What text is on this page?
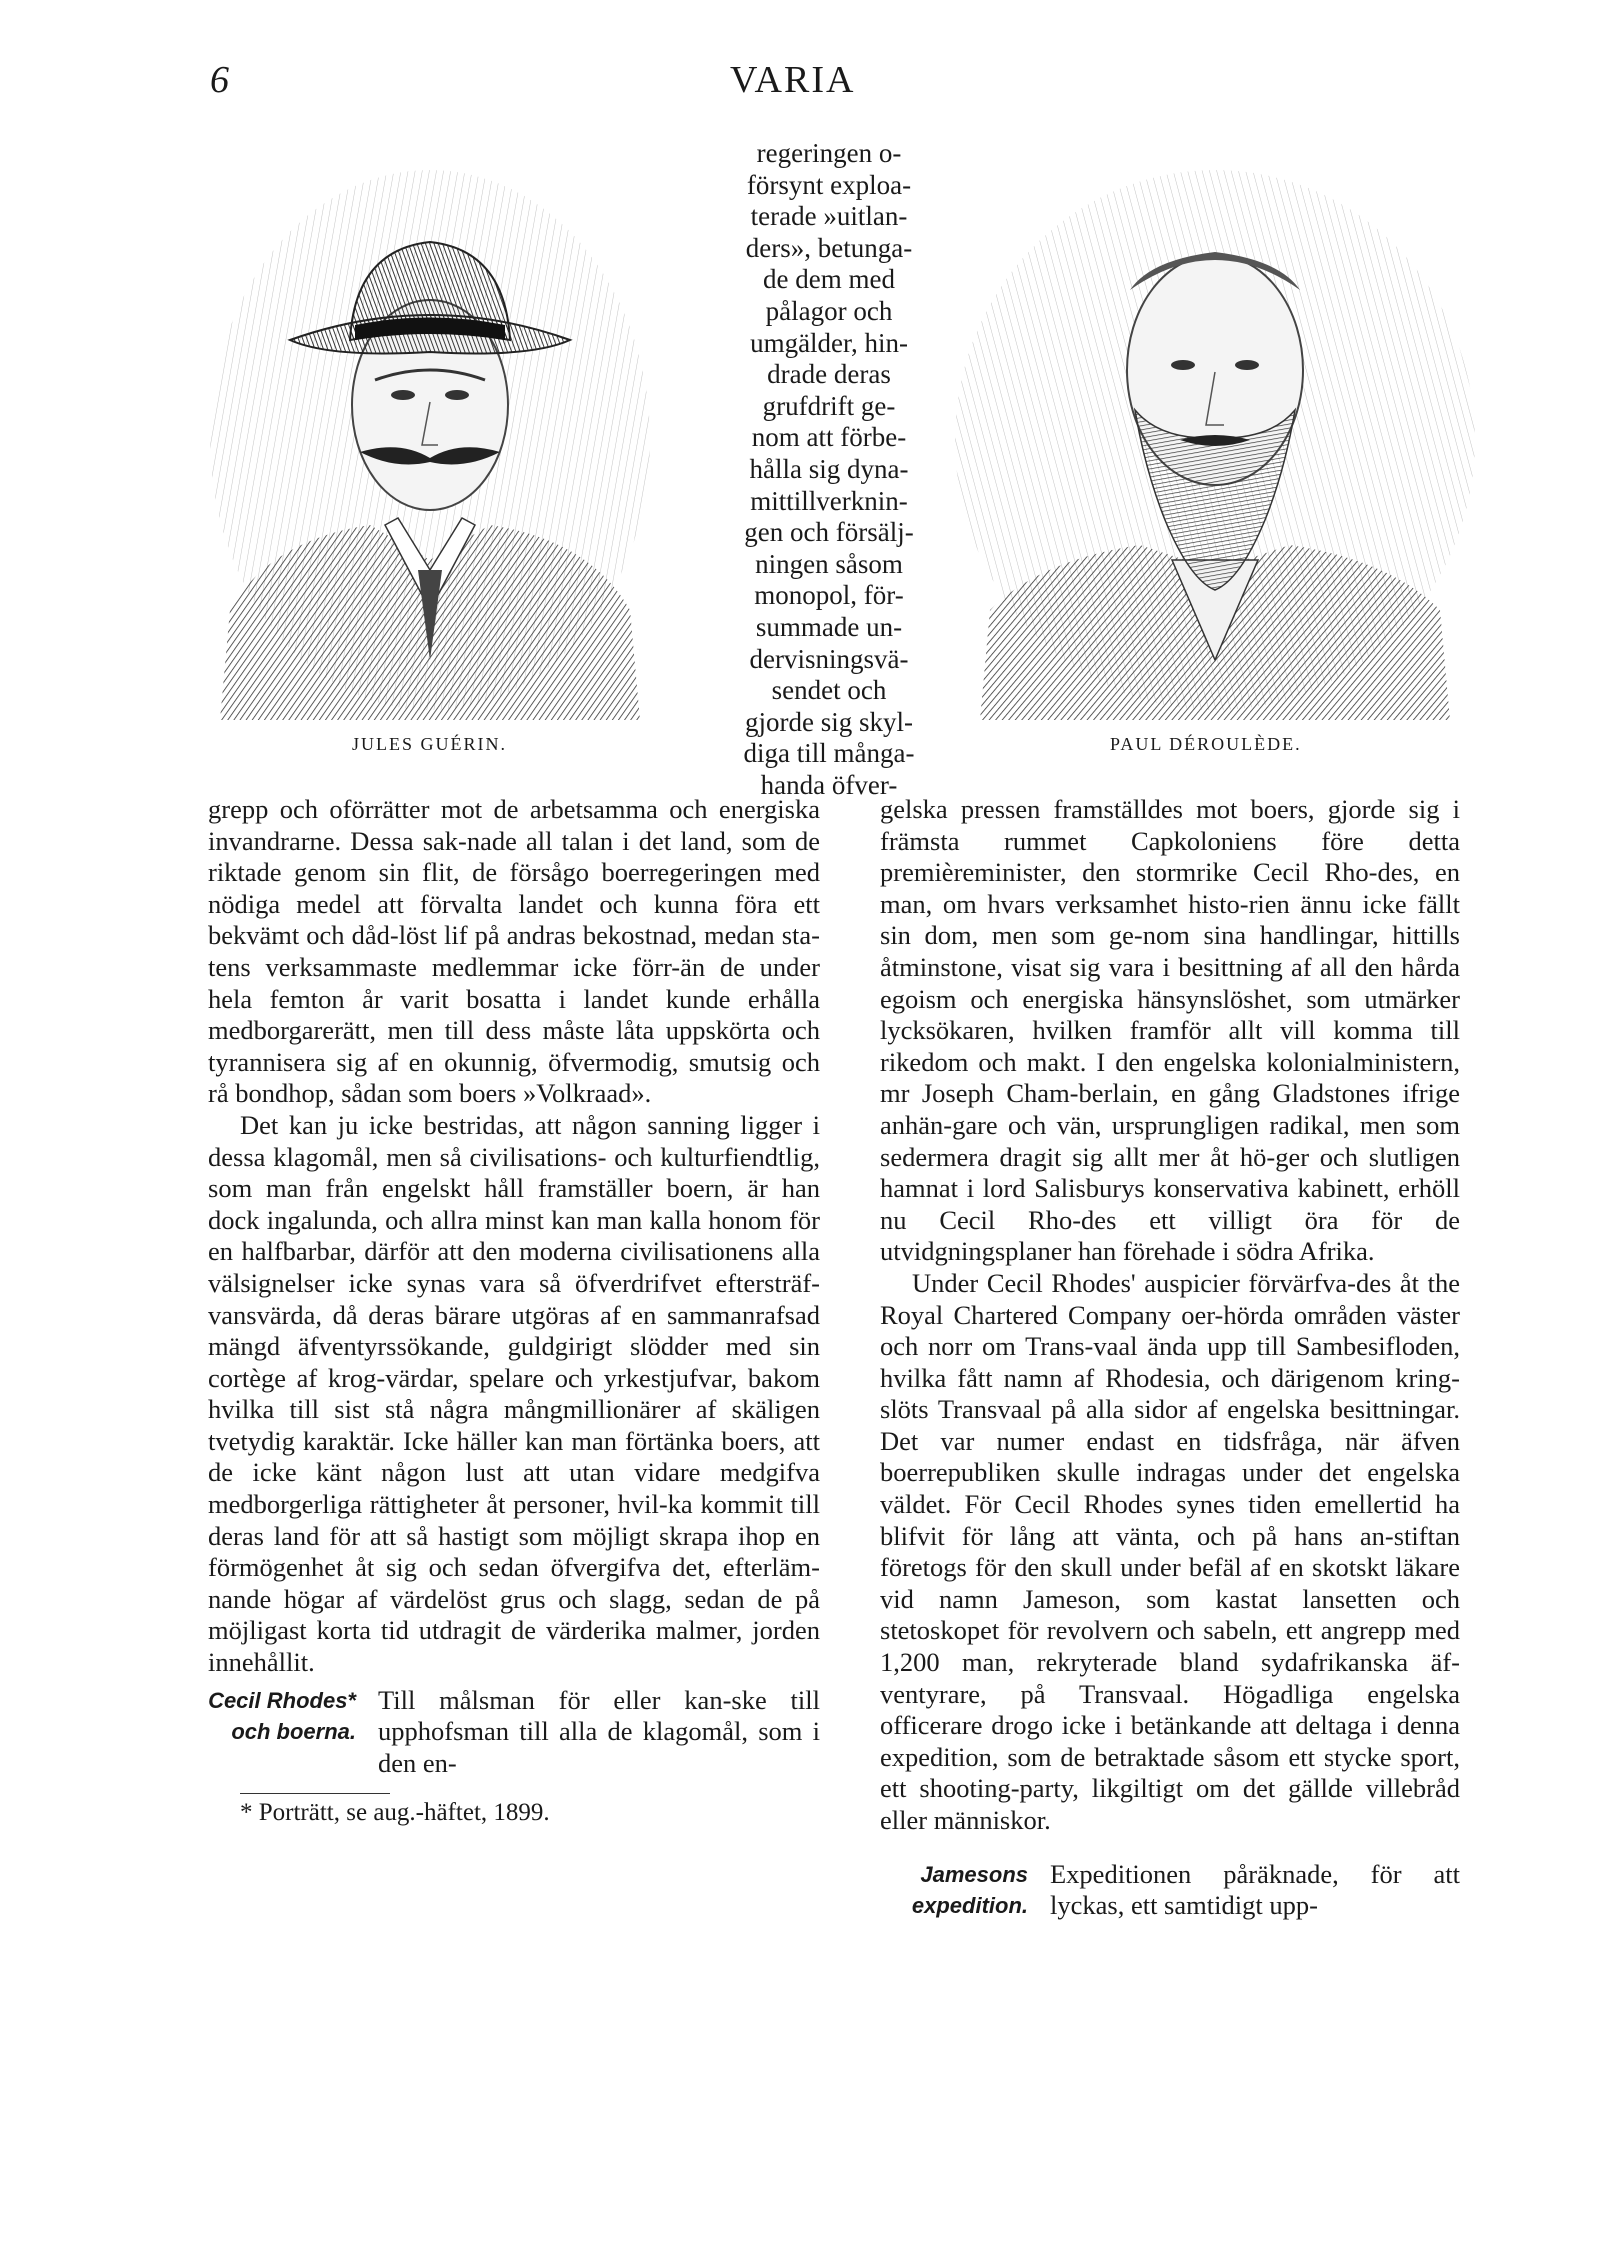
6	VARIA
JULES GUÉRIN.	PAUL DÉROULÈDE.
regeringen o-
försynt exploa-
terade »uitlan-
ders», betunga-
de dem med
pålagor och
umgälder, hin-
drade deras
grufdrift ge-
nom att förbe-
hålla sig dyna-
mittillverknin-
gen och försälj-
ningen såsom
monopol, för-
summade un-
dervisningsvä-
sendet och
gjorde sig skyl-
diga till många-
handa öfver-

grepp och oförrätter mot de arbetsamma och energiska invandrarne. Dessa sak-nade all talan i det land, som de riktade genom sin flit, de försågo boerregeringen med nödiga medel att förvalta landet och kunna föra ett bekvämt och dåd-löst lif på andras bekostnad, medan sta-tens verksammaste medlemmar icke förr-än de under hela femton år varit bosatta i landet kunde erhålla medborgarerätt, men till dess måste låta uppskörta och tyrannisera sig af en okunnig, öfvermodig, smutsig och rå bondhop, sådan som boers »Volkraad».

Det kan ju icke bestridas, att någon sanning ligger i dessa klagomål, men så civilisations- och kulturfiendtlig, som man från engelskt håll framställer boern, är han dock ingalunda, och allra minst kan man kalla honom för en halfbarbar, därför att den moderna civilisationens alla välsignelser icke synas vara så öfverdrifvet eftersträf-vansvärda, då deras bärare utgöras af en sammanrafsad mängd äfventyrssökande, guldgirigt slödder med sin cortège af krog-värdar, spelare och yrkestjufvar, bakom hvilka till sist stå några mångmillionärer af skäligen tvetydig karaktär. Icke häller kan man förtänka boers, att de icke känt någon lust att utan vidare medgifva medborgerliga rättigheter åt personer, hvil-ka kommit till deras land för att så hastigt som möjligt skrapa ihop en förmögenhet åt sig och sedan öfvergifva det, efterläm-nande högar af värdelöst grus och slagg, sedan de på möjligast korta tid utdragit de värderika malmer, jorden innehållit.

Cecil Rhodes* och boerna.
Till målsman för eller kan-ske till upphofsman till alla de klagomål, som i den en-

gelska pressen framställdes mot boers, gjorde sig i främsta rummet Capkoloniens före detta premièreminister, den stormrike Cecil Rho-des, en man, om hvars verksamhet histo-rien ännu icke fällt sin dom, men som ge-nom sina handlingar, hittills åtminstone, visat sig vara i besittning af all den hårda egoism och energiska hänsynslöshet, som utmärker lycksökaren, hvilken framför allt vill komma till rikedom och makt. I den engelska kolonialministern, mr Joseph Cham-berlain, en gång Gladstones ifrige anhän-gare och vän, ursprungligen radikal, men som sedermera dragit sig allt mer åt hö-ger och slutligen hamnat i lord Salisburys konservativa kabinett, erhöll nu Cecil Rho-des ett villigt öra för de utvidgningsplaner han förehade i södra Afrika.

Under Cecil Rhodes' auspicier förvärfva-des åt the Royal Chartered Company oer-hörda områden väster och norr om Trans-vaal ända upp till Sambesifloden, hvilka fått namn af Rhodesia, och därigenom kring-slöts Transvaal på alla sidor af engelska besittningar. Det var numer endast en tidsfråga, när äfven boerrepubliken skulle indragas under det engelska väldet. För Cecil Rhodes synes tiden emellertid ha blifvit för lång att vänta, och på hans an-stiftan företogs för den skull under befäl af en skotskt läkare vid namn Jameson, som kastat lansetten och stetoskopet för revolvern och sabeln, ett angrepp med 1,200 man, rekryterade bland sydafrikanska äf-ventyrare, på Transvaal. Högadliga engelska officerare drogo icke i betänkande att deltaga i denna expedition, som de betraktade såsom ett stycke sport, ett shooting-party, likgiltigt om det gällde villebråd eller människor.

Jamesons expedition.
Expeditionen påräknade, för att lyckas, ett samtidigt upp-
* Porträtt, se aug.-häftet, 1899.
